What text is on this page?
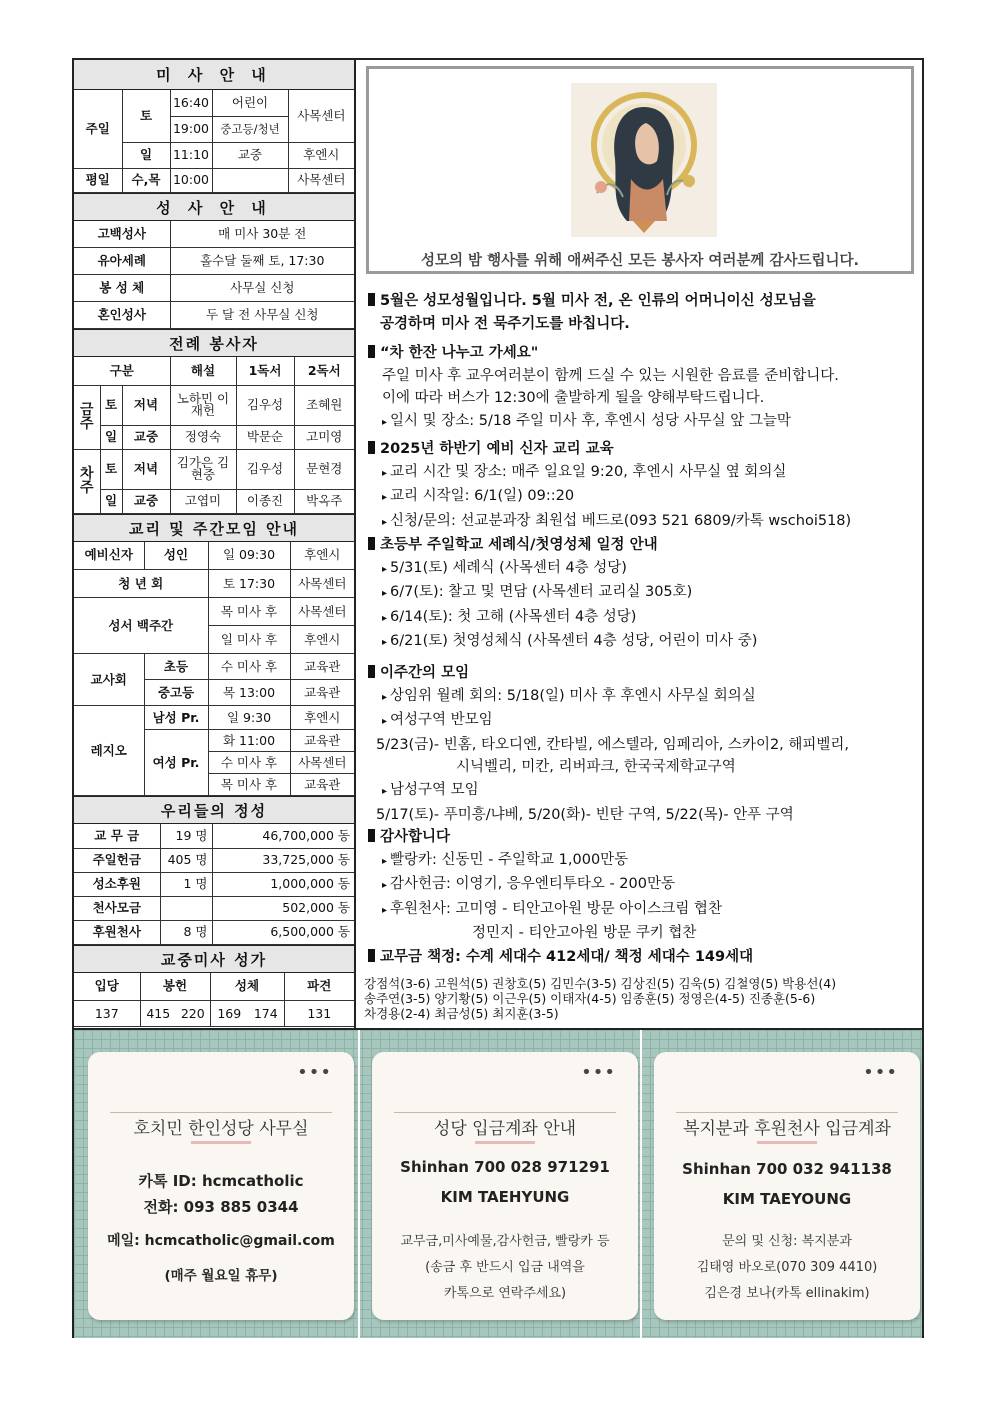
미 사 안 내
주일	토	16:40	어린이	사목센터
		19:00	중고등/청년	
	일	11:10	교중	후엔시
평일	수,목	10:00		사목센터
성 사 안 내
고백성사	매 미사 30분 전
유아세례	홀수달 둘째 토, 17:30
봉 성 체	사무실 신청
혼인성사	두 달 전 사무실 신청
전례 봉사자
구분			해설	1독서	2독서
금주	토	저녁	노하민 이재헌	김우성	조혜원
	일	교중	정영숙	박문순	고미영
차주	토	저녁	김가은 김현중	김우성	문현경
	일	교중	고엽미	이종진	박옥주
교리 및 주간모임 안내
예비신자	성인	일 09:30	후엔시
청 년 회		토 17:30	사목센터
성서 백주간		목 미사 후	사목센터
		일 미사 후	후엔시
교사회	초등	수 미사 후	교육관
	중고등	목 13:00	교육관
레지오	남성 Pr.	일 9:30	후엔시
	여성 Pr.	화 11:00	교육관
		수 미사 후	사목센터
		목 미사 후	교육관
우리들의 정성
교 무 금	19 명	46,700,000 동
주일헌금	405 명	33,725,000 동
성소후원	1 명	1,000,000 동
천사모금		502,000 동
후원천사	8 명	6,500,000 동
교중미사 성가
입당	봉헌		성체		파견
137	415	220	169	174	131
성모의 밤 행사를 위해 애써주신 모든 봉사자 여러분께 감사드립니다.
5월은 성모성월입니다. 5월 미사 전, 온 인류의 어머니이신 성모님을
공경하며 미사 전 묵주기도를 바칩니다.
“차 한잔 나누고 가세요"
주일 미사 후 교우여러분이 함께 드실 수 있는 시원한 음료를 준비합니다.
이에 따라 버스가 12:30에 출발하게 될을 양해부탁드립니다.
▸ 일시 및 장소: 5/18 주일 미사 후, 후엔시 성당 사무실 앞 그늘막
2025년 하반기 예비 신자 교리 교육
▸ 교리 시간 및 장소: 매주 일요일 9:20, 후엔시 사무실 옆 회의실
▸ 교리 시작일: 6/1(일) 09::20
▸ 신청/문의: 선교분과장 최원섭 베드로(093 521 6809/카톡 wschoi518)
초등부 주일학교 세례식/첫영성체 일정 안내
▸ 5/31(토) 세례식 (사목센터 4층 성당)
▸ 6/7(토): 찰고 및 면담 (사목센터 교리실 305호)
▸ 6/14(토): 첫 고해 (사목센터 4층 성당)
▸ 6/21(토) 첫영성체식 (사목센터 4층 성당, 어린이 미사 중)
이주간의 모임
▸ 상임위 월례 회의: 5/18(일) 미사 후 후엔시 사무실 회의실
▸ 여성구역 반모임
5/23(금)- 빈홈, 타오디엔, 칸타빌, 에스텔라, 임페리아, 스카이2, 해피벨리,
시닉벨리, 미칸, 리버파크, 한국국제학교구역
▸ 남성구역 모임
5/17(토)- 푸미흥/냐베, 5/20(화)- 빈탄 구역, 5/22(목)- 안푸 구역
감사합니다
▸ 빨랑카: 신동민 - 주일학교 1,000만동
▸ 감사헌금: 이영기, 응우엔티투타오 - 200만동
▸ 후원천사: 고미영 - 티안고아원 방문 아이스크림 협찬
정민지 - 티안고아원 방문 쿠키 협찬
교무금 책정: 수계 세대수 412세대/ 책정 세대수 149세대
강점석(3-6) 고원석(5) 권창호(5) 김민수(3-5) 김상진(5) 김욱(5) 김철영(5) 박용선(4)
송주연(3-5) 양기황(5) 이근우(5) 이태자(4-5) 임종훈(5) 정영은(4-5) 진종훈(5-6)
차경용(2-4) 최금성(5) 최지훈(3-5)
•••
호치민 한인성당 사무실
카톡 ID: hcmcatholic
전화: 093 885 0344
메일: hcmcatholic@gmail.com
(매주 월요일 휴무)
•••
성당 입금계좌 안내
Shinhan 700 028 971291
KIM TAEHYUNG
교무금,미사예물,감사헌금, 빨랑카 등
(송금 후 반드시 입금 내역을
카톡으로 연락주세요)
•••
복지분과 후원천사 입금계좌
Shinhan 700 032 941138
KIM TAEYOUNG
문의 및 신청: 복지분과
김태영 바오로(070 309 4410)
김은경 보나(카톡 ellinakim)
